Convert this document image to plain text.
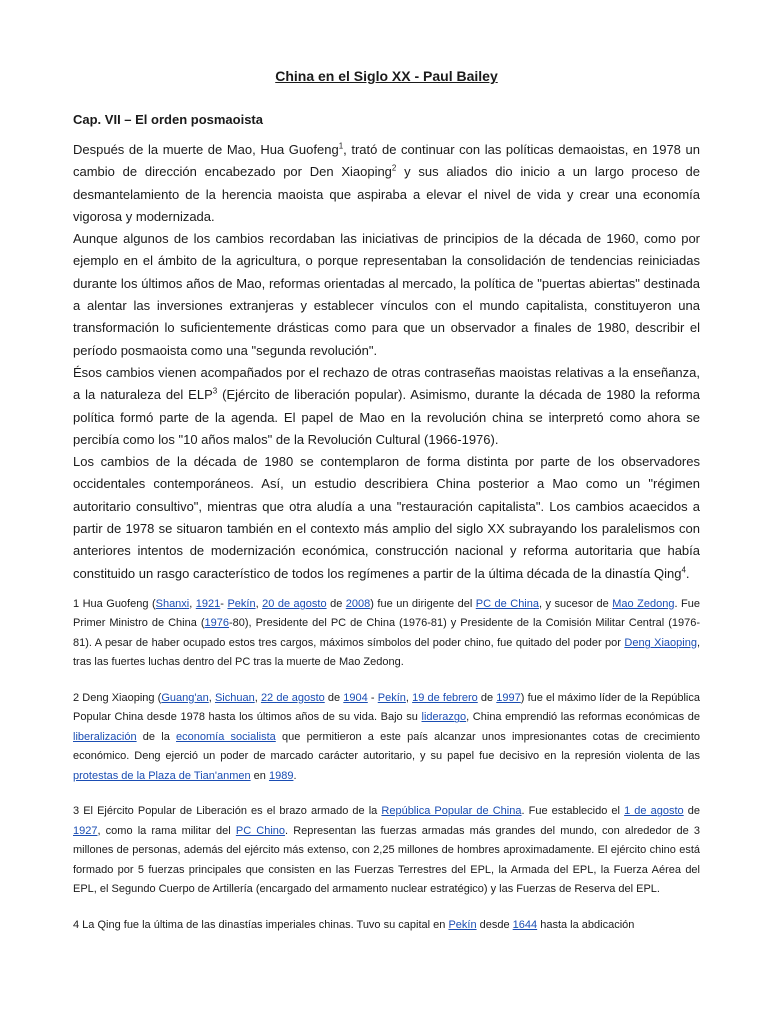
China en el Siglo XX - Paul Bailey
Cap. VII – El orden posmaoista

Después de la muerte de Mao, Hua Guofeng$^1$, trató de continuar con las políticas demaoistas, en 1978 un cambio de dirección encabezado por Den Xiaoping$^2$ y sus aliados dio inicio a un largo proceso de desmantelamiento de la herencia maoista que aspiraba a elevar el nivel de vida y crear una economía vigorosa y modernizada.

Aunque algunos de los cambios recordaban las iniciativas de principios de la década de 1960, como por ejemplo en el ámbito de la agricultura, o porque representaban la consolidación de tendencias reiniciadas durante los últimos años de Mao, reformas orientadas al mercado, la política de "puertas abiertas" destinada a alentar las inversiones extranjeras y establecer vínculos con el mundo capitalista, constituyeron una transformación lo suficientemente drásticas como para que un observador a finales de 1980, describir el período posmaoista como una "segunda revolución".

Ésos cambios vienen acompañados por el rechazo de otras contraseñas maoistas relativas a la enseñanza, a la naturaleza del ELP$^3$ (Ejército de liberación popular). Asimismo, durante la década de 1980 la reforma política formó parte de la agenda. El papel de Mao en la revolución china se interpretó como ahora se percibía como los "10 años malos" de la Revolución Cultural (1966-1976).

Los cambios de la década de 1980 se contemplaron de forma distinta por parte de los observadores occidentales contemporáneos. Así, un estudio describiera China posterior a Mao como un "régimen autoritario consultivo", mientras que otra aludía a una "restauración capitalista". Los cambios acaecidos a partir de 1978 se situaron también en el contexto más amplio del siglo XX subrayando los paralelismos con anteriores intentos de modernización económica, construcción nacional y reforma autoritaria que había constituido un rasgo característico de todos los regímenes a partir de la última década de la dinastía Qing$^4$.

1 Hua Guofeng (Shanxi, 1921- Pekín, 20 de agosto de 2008) fue un dirigente del PC de China, y sucesor de Mao Zedong. Fue Primer Ministro de China (1976-80), Presidente del PC de China (1976-81) y Presidente de la Comisión Militar Central (1976-81). A pesar de haber ocupado estos tres cargos, máximos símbolos del poder chino, fue quitado del poder por Deng Xiaoping, tras las fuertes luchas dentro del PC tras la muerte de Mao Zedong.

2 Deng Xiaoping (Guang'an, Sichuan, 22 de agosto de 1904 - Pekín, 19 de febrero de 1997) fue el máximo líder de la República Popular China desde 1978 hasta los últimos años de su vida. Bajo su liderazgo, China emprendió las reformas económicas de liberalización de la economía socialista que permitieron a este país alcanzar unos impresionantes cotas de crecimiento económico. Deng ejerció un poder de marcado carácter autoritario, y su papel fue decisivo en la represión violenta de las protestas de la Plaza de Tian'anmen en 1989.

3 El Ejército Popular de Liberación es el brazo armado de la República Popular de China. Fue establecido el 1 de agosto de 1927, como la rama militar del PC Chino. Representan las fuerzas armadas más grandes del mundo, con alrededor de 3 millones de personas, además del ejército más extenso, con 2,25 millones de hombres aproximadamente. El ejército chino está formado por 5 fuerzas principales que consisten en las Fuerzas Terrestres del EPL, la Armada del EPL, la Fuerza Aérea del EPL, el Segundo Cuerpo de Artillería (encargado del armamento nuclear estratégico) y las Fuerzas de Reserva del EPL.

4 La Qing fue la última de las dinastías imperiales chinas. Tuvo su capital en Pekín desde 1644 hasta la abdicación
